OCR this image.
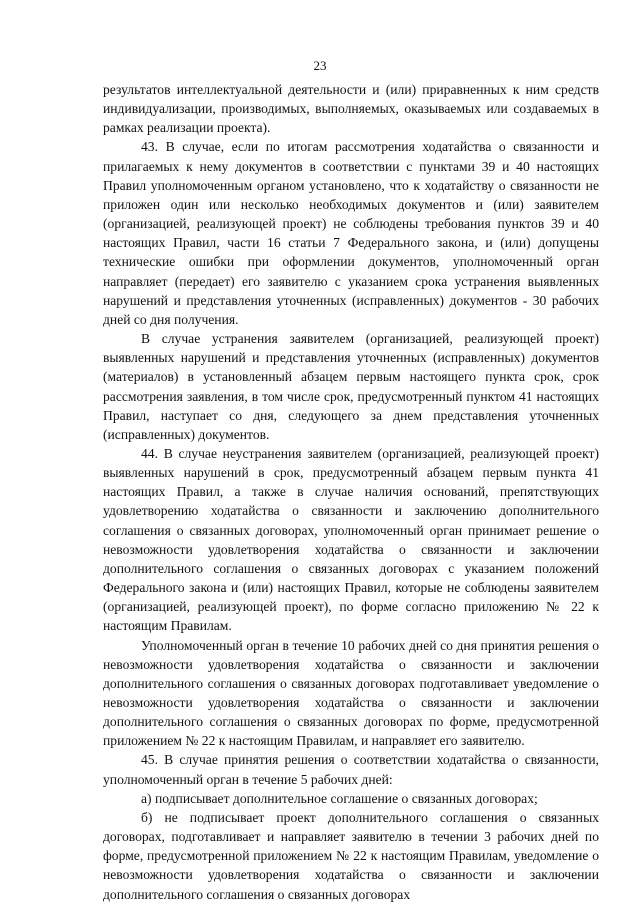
23

результатов интеллектуальной деятельности и (или) приравненных к ним средств индивидуализации, производимых, выполняемых, оказываемых или создаваемых в рамках реализации проекта).

43. В случае, если по итогам рассмотрения ходатайства о связанности и прилагаемых к нему документов в соответствии с пунктами 39 и 40 настоящих Правил уполномоченным органом установлено, что к ходатайству о связанности не приложен один или несколько необходимых документов и (или) заявителем (организацией, реализующей проект) не соблюдены требования пунктов 39 и 40 настоящих Правил, части 16 статьи 7 Федерального закона, и (или) допущены технические ошибки при оформлении документов, уполномоченный орган направляет (передает) его заявителю с указанием срока устранения выявленных нарушений и представления уточненных (исправленных) документов - 30 рабочих дней со дня получения.

В случае устранения заявителем (организацией, реализующей проект) выявленных нарушений и представления уточненных (исправленных) документов (материалов) в установленный абзацем первым настоящего пункта срок, срок рассмотрения заявления, в том числе срок, предусмотренный пунктом 41 настоящих Правил, наступает со дня, следующего за днем представления уточненных (исправленных) документов.

44. В случае неустранения заявителем (организацией, реализующей проект) выявленных нарушений в срок, предусмотренный абзацем первым пункта 41 настоящих Правил, а также в случае наличия оснований, препятствующих удовлетворению ходатайства о связанности и заключению дополнительного соглашения о связанных договорах, уполномоченный орган принимает решение о невозможности удовлетворения ходатайства о связанности и заключении дополнительного соглашения о связанных договорах с указанием положений Федерального закона и (или) настоящих Правил, которые не соблюдены заявителем (организацией, реализующей проект), по форме согласно приложению № 22 к настоящим Правилам.

Уполномоченный орган в течение 10 рабочих дней со дня принятия решения о невозможности удовлетворения ходатайства о связанности и заключении дополнительного соглашения о связанных договорах подготавливает уведомление о невозможности удовлетворения ходатайства о связанности и заключении дополнительного соглашения о связанных договорах по форме, предусмотренной приложением № 22 к настоящим Правилам, и направляет его заявителю.

45. В случае принятия решения о соответствии ходатайства о связанности, уполномоченный орган в течение 5 рабочих дней:

а) подписывает дополнительное соглашение о связанных договорах;

б) не подписывает проект дополнительного соглашения о связанных договорах, подготавливает и направляет заявителю в течении 3 рабочих дней по форме, предусмотренной приложением № 22 к настоящим Правилам, уведомление о невозможности удовлетворения ходатайства о связанности и заключении дополнительного соглашения о связанных договорах
